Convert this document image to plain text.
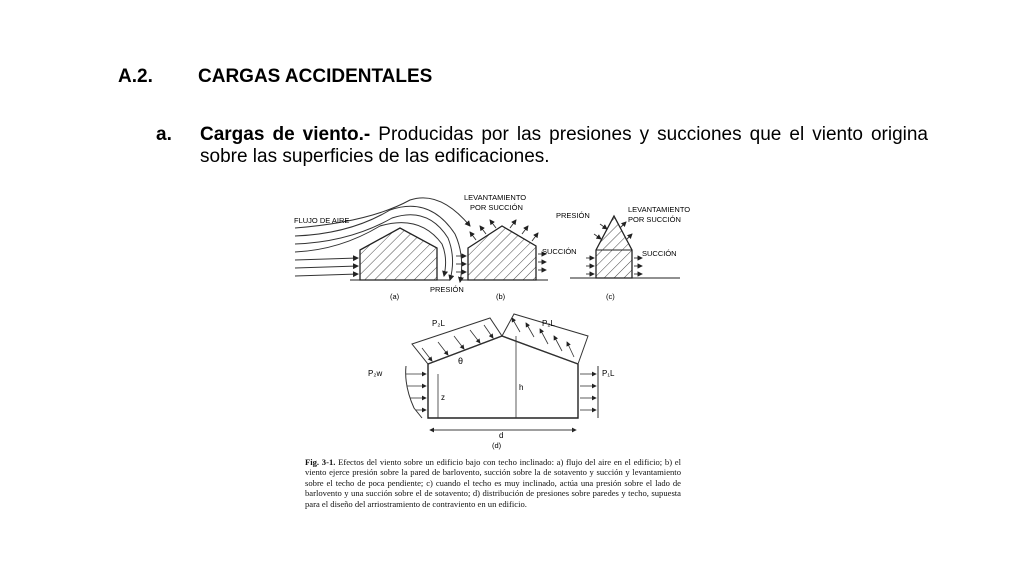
A.2.	CARGAS ACCIDENTALES
a.	Cargas de viento.- Producidas por las presiones y succiones que el viento origina sobre las superficies de las edificaciones.
FLUJO DE AIRE
(a)
LEVANTAMIENTO
POR SUCCIÓN
SUCCIÓN
PRESIÓN
(b)
PRESIÓN
LEVANTAMIENTO
POR SUCCIÓN
SUCCIÓN
(c)
P₂L	P₂L
P₂w	P₁L
θ
h
z
d
(d)
Fig. 3-1. Efectos del viento sobre un edificio bajo con techo inclinado: a) flujo del aire en el edificio; b) el viento ejerce presión sobre la pared de barlovento, succión sobre la de sotavento y succión y levantamiento sobre el techo de poca pendiente; c) cuando el techo es muy inclinado, actúa una presión sobre el lado de barlovento y una succión sobre el de sotavento; d) distribución de presiones sobre paredes y techo, supuesta para el diseño del arriostramiento de contraviento en un edificio.
